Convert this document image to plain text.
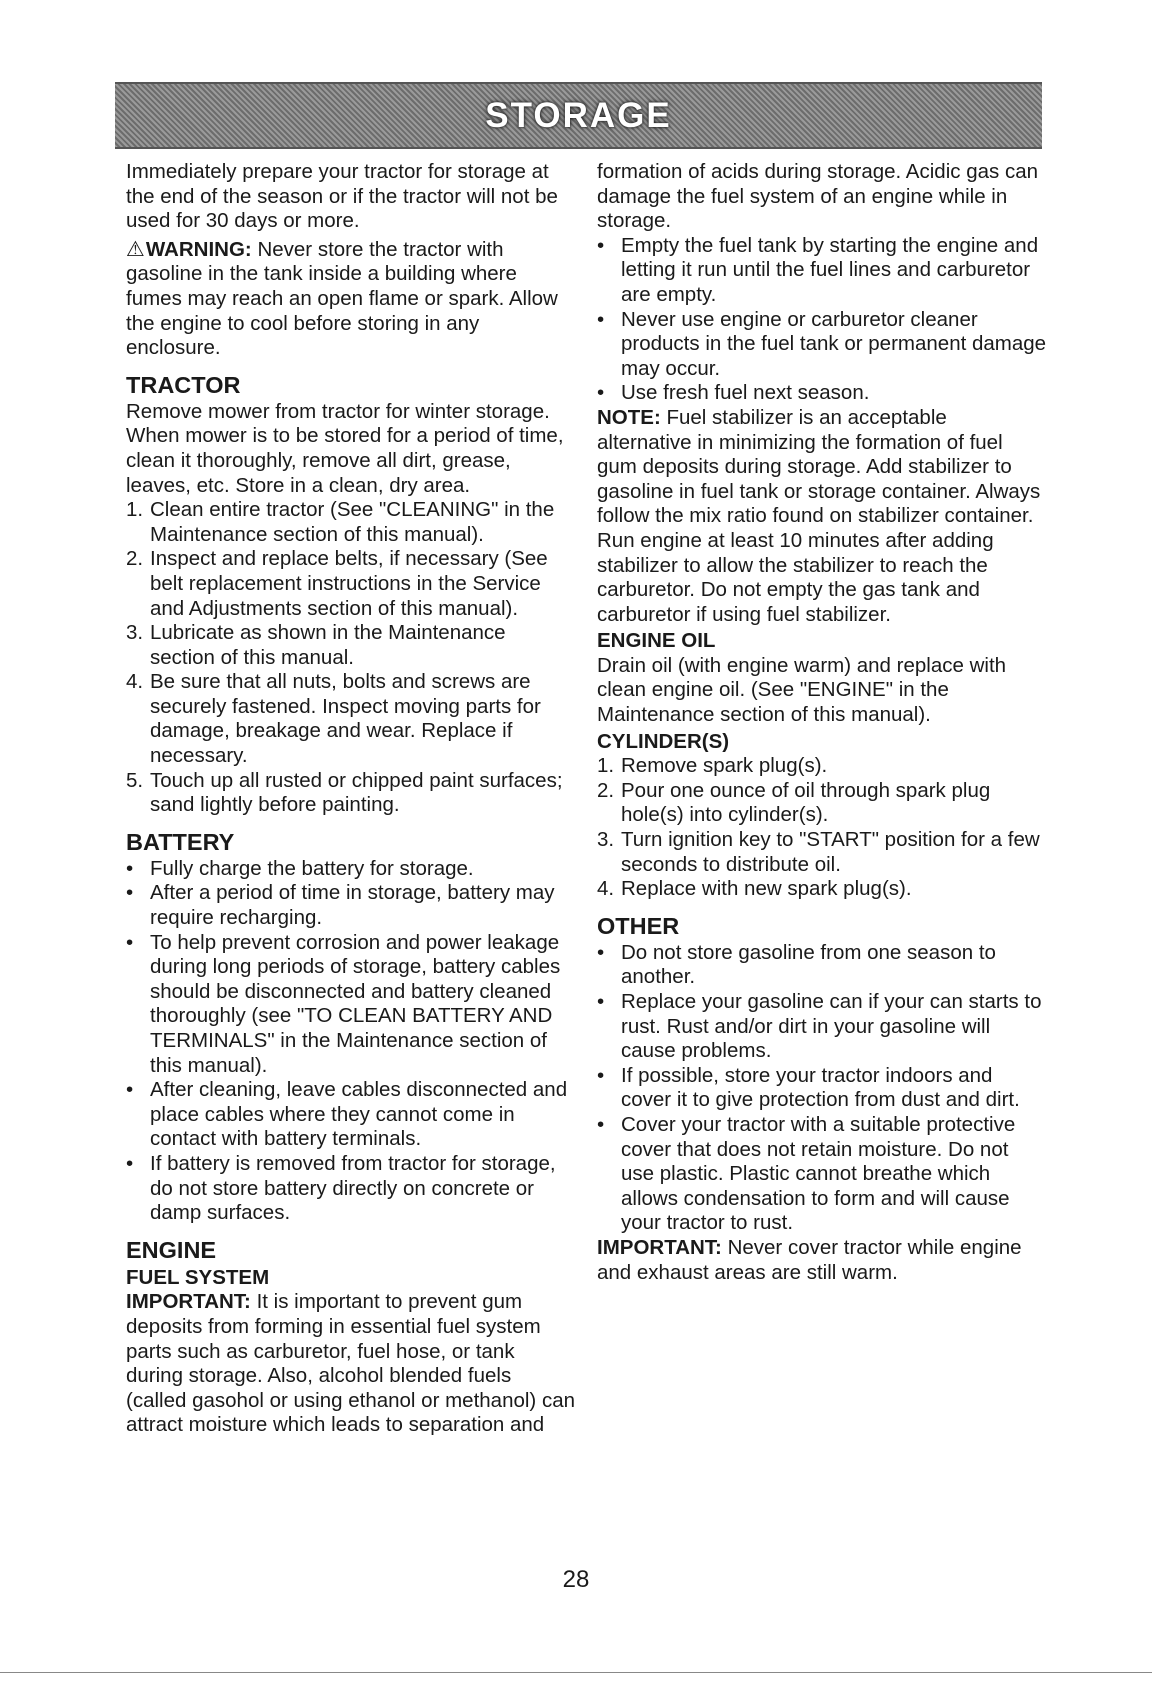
STORAGE

Immediately prepare your tractor for storage at the end of the season or if the tractor will not be used for 30 days or more.

⚠WARNING: Never store the tractor with gasoline in the tank inside a building where fumes may reach an open flame or spark. Allow the engine to cool before storing in any enclosure.

TRACTOR

Remove mower from tractor for winter storage. When mower is to be stored for a period of time, clean it thoroughly, remove all dirt, grease, leaves, etc. Store in a clean, dry area.

1. Clean entire tractor (See "CLEANING" in the Maintenance section of this manual).
2. Inspect and replace belts, if necessary (See belt replacement instructions in the Service and Adjustments section of this manual).
3. Lubricate as shown in the Maintenance section of this manual.
4. Be sure that all nuts, bolts and screws are securely fastened. Inspect moving parts for damage, breakage and wear. Replace if necessary.
5. Touch up all rusted or chipped paint surfaces; sand lightly before painting.
BATTERY
• Fully charge the battery for storage.
• After a period of time in storage, battery may require recharging.
• To help prevent corrosion and power leakage during long periods of storage, battery cables should be disconnected and battery cleaned thoroughly (see "TO CLEAN BATTERY AND TERMINALS" in the Maintenance section of this manual).
• After cleaning, leave cables disconnected and place cables where they cannot come in contact with battery terminals.
• If battery is removed from tractor for storage, do not store battery directly on concrete or damp surfaces.
ENGINE
FUEL SYSTEM

IMPORTANT: It is important to prevent gum deposits from forming in essential fuel system parts such as carburetor, fuel hose, or tank during storage. Also, alcohol blended fuels (called gasohol or using ethanol or methanol) can attract moisture which leads to separation and

formation of acids during storage. Acidic gas can damage the fuel system of an engine while in storage.

• Empty the fuel tank by starting the engine and letting it run until the fuel lines and carburetor are empty.
• Never use engine or carburetor cleaner products in the fuel tank or permanent damage may occur.
• Use fresh fuel next season.

NOTE: Fuel stabilizer is an acceptable alternative in minimizing the formation of fuel gum deposits during storage. Add stabilizer to gasoline in fuel tank or storage container. Always follow the mix ratio found on stabilizer container. Run engine at least 10 minutes after adding stabilizer to allow the stabilizer to reach the carburetor. Do not empty the gas tank and carburetor if using fuel stabilizer.

ENGINE OIL

Drain oil (with engine warm) and replace with clean engine oil. (See "ENGINE" in the Maintenance section of this manual).

CYLINDER(S)
1. Remove spark plug(s).
2. Pour one ounce of oil through spark plug hole(s) into cylinder(s).
3. Turn ignition key to "START" position for a few seconds to distribute oil.
4. Replace with new spark plug(s).
OTHER
• Do not store gasoline from one season to another.
• Replace your gasoline can if your can starts to rust. Rust and/or dirt in your gasoline will cause problems.
• If possible, store your tractor indoors and cover it to give protection from dust and dirt.
• Cover your tractor with a suitable protective cover that does not retain moisture. Do not use plastic. Plastic cannot breathe which allows condensation to form and will cause your tractor to rust.

IMPORTANT: Never cover tractor while engine and exhaust areas are still warm.

28
